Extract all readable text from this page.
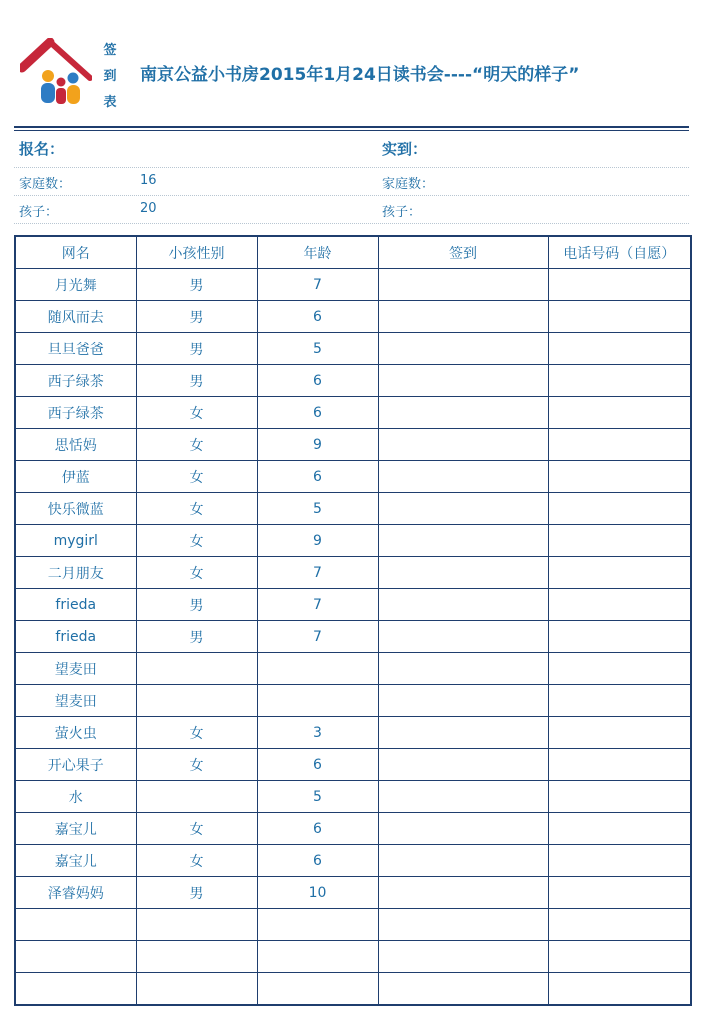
签
到
表
南京公益小书房2015年1月24日读书会----“明天的样子”
报名：	实到：
家庭数：	16	家庭数：
孩子：	20	孩子：
网名	小孩性别	年龄	签到	电话号码（自愿）
月光舞	男	7		
随风而去	男	6		
旦旦爸爸	男	5		
西子绿茶	男	6		
西子绿茶	女	6		
思恬妈	女	9		
伊蓝	女	6		
快乐微蓝	女	5		
mygirl	女	9		
二月朋友	女	7		
frieda	男	7		
frieda	男	7		
望麦田				
望麦田				
萤火虫	女	3		
开心果子	女	6		
水		5		
嘉宝儿	女	6		
嘉宝儿	女	6		
泽睿妈妈	男	10		
